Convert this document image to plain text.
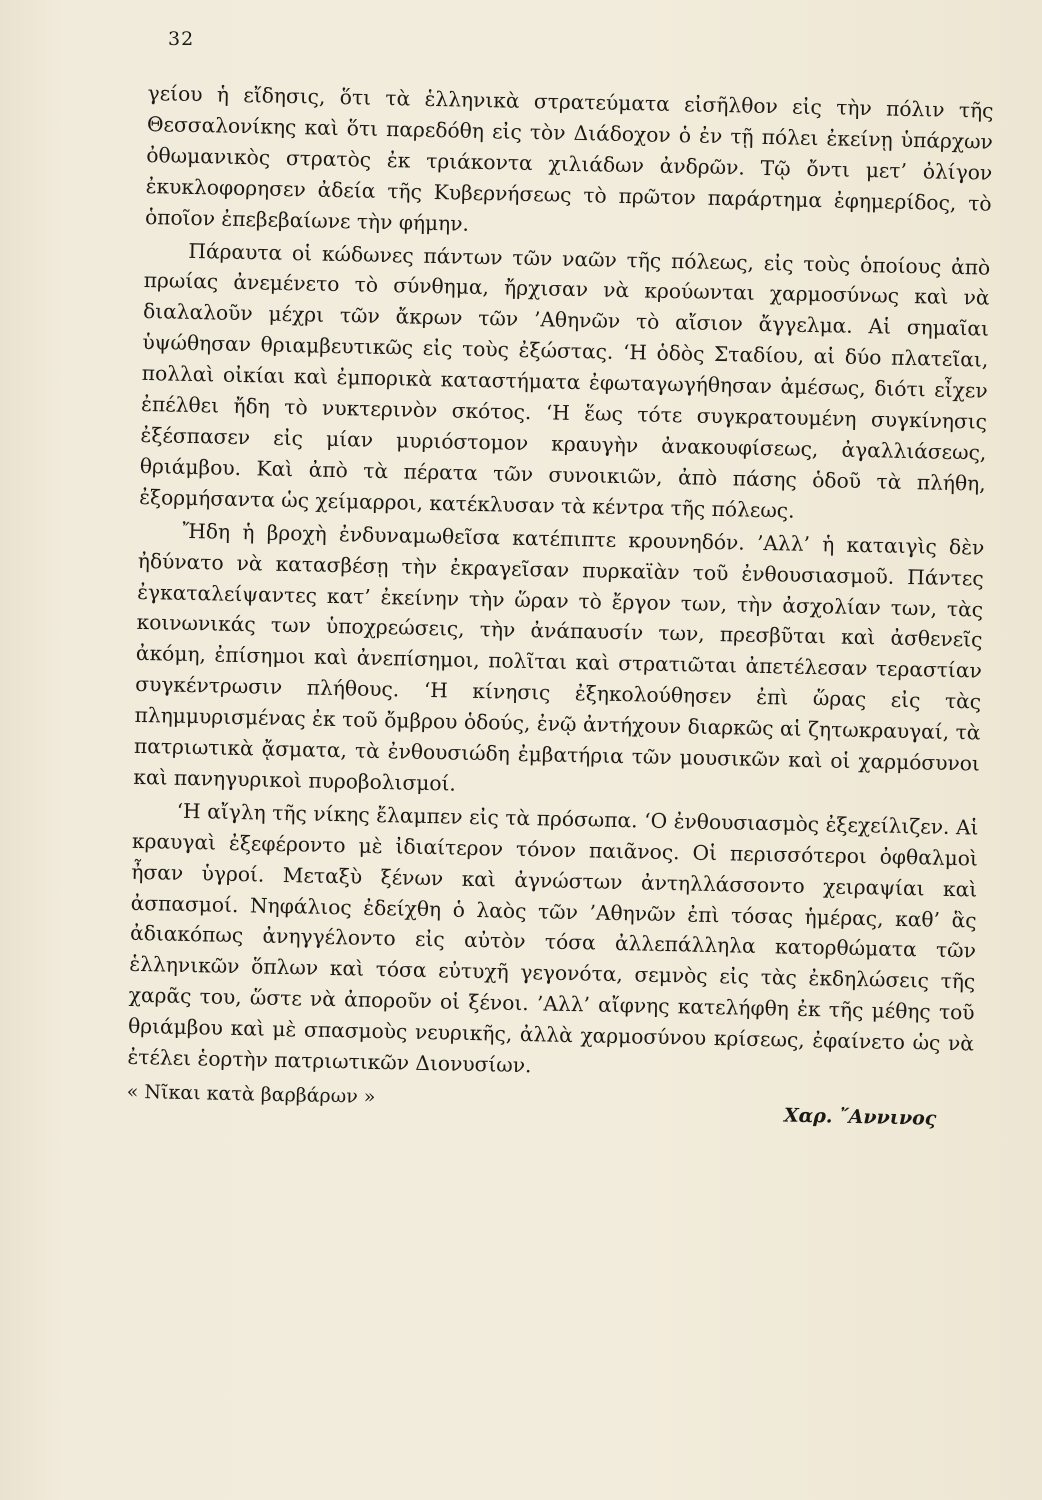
32

γείου ἡ εἴδησις, ὅτι τὰ ἑλληνικὰ στρατεύματα εἰσῆλθον εἰς τὴν πόλιν τῆς Θεσσαλονίκης καὶ ὅτι παρεδόθη εἰς τὸν Διάδοχον ὁ ἐν τῇ πόλει ἐκείνῃ ὑπάρχων ὀθωμανικὸς στρατὸς ἐκ τριάκοντα χιλιάδων ἀνδρῶν. Τῷ ὄντι μετ’ ὀλίγον ἐκυκλοφορησεν ἀδεία τῆς Κυβερνήσεως τὸ πρῶτον παράρτημα ἐφημερίδος, τὸ ὁποῖον ἐπεβεβαίωνε τὴν φήμην.

Πάραυτα οἱ κώδωνες πάντων τῶν ναῶν τῆς πόλεως, εἰς τοὺς ὁποίους ἀπὸ πρωίας ἀνεμένετο τὸ σύνθημα, ἤρχισαν νὰ κρούωνται χαρμοσύνως καὶ νὰ διαλαλοῦν μέχρι τῶν ἄκρων τῶν ’Αθηνῶν τὸ αἴσιον ἄγγελμα. Αἱ σημαῖαι ὑψώθησαν θριαμβευτικῶς εἰς τοὺς ἐξώστας. ‘Η ὁδὸς Σταδίου, αἱ δύο πλατεῖαι, πολλαὶ οἰκίαι καὶ ἐμπορικὰ καταστήματα ἐφωταγωγήθησαν ἀμέσως, διότι εἶχεν ἐπέλθει ἤδη τὸ νυκτερινὸν σκότος. ‘Η ἕως τότε συγκρατουμένη συγκίνησις ἐξέσπασεν εἰς μίαν μυριόστομον κραυγὴν ἀνακουφίσεως, ἀγαλλιάσεως, θριάμβου. Καὶ ἀπὸ τὰ πέρατα τῶν συνοικιῶν, ἀπὸ πάσης ὁδοῦ τὰ πλήθη, ἐξορμήσαντα ὡς χείμαρροι, κατέκλυσαν τὰ κέντρα τῆς πόλεως.

Ἤδη ἡ βροχὴ ἐνδυναμωθεῖσα κατέπιπτε κρουνηδόν. ’Αλλ’ ἡ καταιγὶς δὲν ἠδύνατο νὰ κατασβέσῃ τὴν ἐκραγεῖσαν πυρκαϊὰν τοῦ ἐνθουσιασμοῦ. Πάντες ἐγκαταλείψαντες κατ’ ἐκείνην τὴν ὥραν τὸ ἔργον των, τὴν ἀσχολίαν των, τὰς κοινωνικάς των ὑποχρεώσεις, τὴν ἀνάπαυσίν των, πρεσβῦται καὶ ἀσθενεῖς ἀκόμη, ἐπίσημοι καὶ ἀνεπίσημοι, πολῖται καὶ στρατιῶται ἀπετέλεσαν τεραστίαν συγκέντρωσιν πλήθους. ‘Η κίνησις ἐξηκολούθησεν ἐπὶ ὥρας εἰς τὰς πλημμυρισμένας ἐκ τοῦ ὄμβρου ὁδούς, ἐνῷ ἀντήχουν διαρκῶς αἱ ζητωκραυγαί, τὰ πατριωτικὰ ᾄσματα, τὰ ἐνθουσιώδη ἐμβατήρια τῶν μουσικῶν καὶ οἱ χαρμόσυνοι καὶ πανηγυρικοὶ πυροβολισμοί.

‘Η αἴγλη τῆς νίκης ἔλαμπεν εἰς τὰ πρόσωπα. ‘Ο ἐνθουσιασμὸς ἐξεχείλιζεν. Αἱ κραυγαὶ ἐξεφέροντο μὲ ἰδιαίτερον τόνον παιᾶνος. Οἱ περισσότεροι ὀφθαλμοὶ ἦσαν ὑγροί. Μεταξὺ ξένων καὶ ἀγνώστων ἀντηλλάσσοντο χειραψίαι καὶ ἀσπασμοί. Νηφάλιος ἐδείχθη ὁ λαὸς τῶν ’Αθηνῶν ἐπὶ τόσας ἡμέρας, καθ’ ἃς ἀδιακόπως ἀνηγγέλοντο εἰς αὐτὸν τόσα ἀλλεπάλληλα κατορθώματα τῶν ἑλληνικῶν ὅπλων καὶ τόσα εὐτυχῆ γεγονότα, σεμνὸς εἰς τὰς ἐκδηλώσεις τῆς χαρᾶς του, ὥστε νὰ ἀποροῦν οἱ ξένοι. ’Αλλ’ αἴφνης κατελήφθη ἐκ τῆς μέθης τοῦ θριάμβου καὶ μὲ σπασμοὺς νευρικῆς, ἀλλὰ χαρμοσύνου κρίσεως, ἐφαίνετο ὡς νὰ ἐτέλει ἑορτὴν πατριωτικῶν Διονυσίων.

« Νῖκαι κατὰ βαρβάρων »
Χαρ. ῎Αννινος
